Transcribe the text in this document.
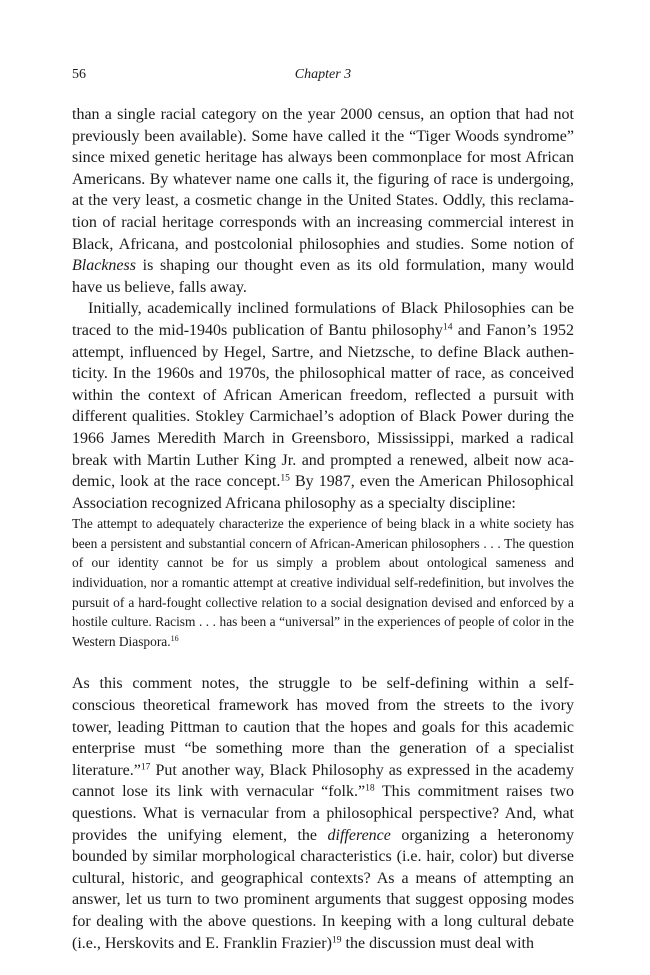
56	Chapter 3

than a single racial category on the year 2000 census, an option that had not previously been available). Some have called it the “Tiger Woods syndrome” since mixed genetic heritage has always been commonplace for most African Americans. By whatever name one calls it, the figuring of race is undergoing, at the very least, a cosmetic change in the United States. Oddly, this reclamation of racial heritage corresponds with an increasing commercial interest in Black, Africana, and postcolonial philosophies and studies. Some notion of Blackness is shaping our thought even as its old formulation, many would have us believe, falls away.

Initially, academically inclined formulations of Black Philosophies can be traced to the mid-1940s publication of Bantu philosophy$^{14}$ and Fanon’s 1952 attempt, influenced by Hegel, Sartre, and Nietzsche, to define Black authenticity. In the 1960s and 1970s, the philosophical matter of race, as conceived within the context of African American freedom, reflected a pursuit with different qualities. Stokley Carmichael’s adoption of Black Power during the 1966 James Meredith March in Greensboro, Mississippi, marked a radical break with Martin Luther King Jr. and prompted a renewed, albeit now academic, look at the race concept.$^{15}$ By 1987, even the American Philosophical Association recognized Africana philosophy as a specialty discipline:

The attempt to adequately characterize the experience of being black in a white society has been a persistent and substantial concern of African-American philosophers . . . The question of our identity cannot be for us simply a problem about ontological sameness and individuation, nor a romantic attempt at creative individual self-redefinition, but involves the pursuit of a hard-fought collective relation to a social designation devised and enforced by a hostile culture. Racism . . . has been a “universal” in the experiences of people of color in the Western Diaspora.$^{16}$

As this comment notes, the struggle to be self-defining within a self-conscious theoretical framework has moved from the streets to the ivory tower, leading Pittman to caution that the hopes and goals for this academic enterprise must “be something more than the generation of a specialist literature.”$^{17}$ Put another way, Black Philosophy as expressed in the academy cannot lose its link with vernacular “folk.”$^{18}$ This commitment raises two questions. What is vernacular from a philosophical perspective? And, what provides the unifying element, the difference organizing a heteronomy bounded by similar morphological characteristics (i.e. hair, color) but diverse cultural, historic, and geographical contexts? As a means of attempting an answer, let us turn to two prominent arguments that suggest opposing modes for dealing with the above questions. In keeping with a long cultural debate (i.e., Herskovits and E. Franklin Frazier)$^{19}$ the discussion must deal with
